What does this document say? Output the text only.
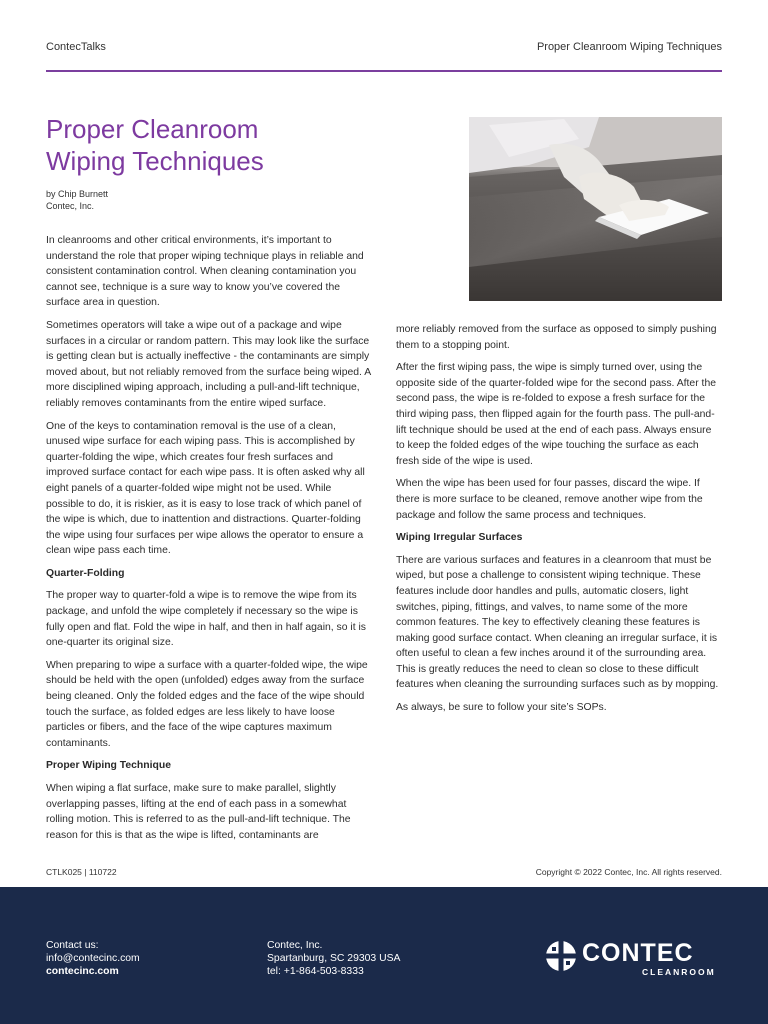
ContecTalks	Proper Cleanroom Wiping Techniques
Proper Cleanroom
Wiping Techniques
by Chip Burnett
Contec, Inc.

In cleanrooms and other critical environments, it’s important to understand the role that proper wiping technique plays in reliable and consistent contamination control. When cleaning contamination you cannot see, technique is a sure way to know you’ve covered the surface area in question.

Sometimes operators will take a wipe out of a package and wipe surfaces in a circular or random pattern. This may look like the surface is getting clean but is actually ineffective - the contaminants are simply moved about, but not reliably removed from the surface being wiped. A more disciplined wiping approach, including a pull-and-lift technique, reliably removes contaminants from the entire wiped surface.

One of the keys to contamination removal is the use of a clean, unused wipe surface for each wiping pass. This is accomplished by quarter-folding the wipe, which creates four fresh surfaces and improved surface contact for each wipe pass. It is often asked why all eight panels of a quarter-folded wipe might not be used. While possible to do, it is riskier, as it is easy to lose track of which panel of the wipe is which, due to inattention and distractions. Quarter-folding the wipe using four surfaces per wipe allows the operator to ensure a clean wipe pass each time.

Quarter-Folding

The proper way to quarter-fold a wipe is to remove the wipe from its package, and unfold the wipe completely if necessary so the wipe is fully open and flat. Fold the wipe in half, and then in half again, so it is one-quarter its original size.

When preparing to wipe a surface with a quarter-folded wipe, the wipe should be held with the open (unfolded) edges away from the surface being cleaned. Only the folded edges and the face of the wipe should touch the surface, as folded edges are less likely to have loose particles or fibers, and the face of the wipe captures maximum contaminants.

Proper Wiping Technique

When wiping a flat surface, make sure to make parallel, slightly overlapping passes, lifting at the end of each pass in a somewhat rolling motion. This is referred to as the pull-and-lift technique. The reason for this is that as the wipe is lifted, contaminants are

more reliably removed from the surface as opposed to simply pushing them to a stopping point.

After the first wiping pass, the wipe is simply turned over, using the opposite side of the quarter-folded wipe for the second pass. After the second pass, the wipe is re-folded to expose a fresh surface for the third wiping pass, then flipped again for the fourth pass. The pull-and-lift technique should be used at the end of each pass. Always ensure to keep the folded edges of the wipe touching the surface as each fresh side of the wipe is used.

When the wipe has been used for four passes, discard the wipe. If there is more surface to be cleaned, remove another wipe from the package and follow the same process and techniques.

Wiping Irregular Surfaces

There are various surfaces and features in a cleanroom that must be wiped, but pose a challenge to consistent wiping technique. These features include door handles and pulls, automatic closers, light switches, piping, fittings, and valves, to name some of the more common features. The key to effectively cleaning these features is making good surface contact. When cleaning an irregular surface, it is often useful to clean a few inches around it of the surrounding area. This is greatly reduces the need to clean so close to these difficult features when cleaning the surrounding surfaces such as by mopping.

As always, be sure to follow your site’s SOPs.

CTLK025 | 110722	Copyright © 2022 Contec, Inc. All rights reserved.
Contact us:
info@contecinc.com
contecinc.com
Contec, Inc.
Spartanburg, SC 29303 USA
tel: +1-864-503-8333
CONTEC
CLEANROOM
